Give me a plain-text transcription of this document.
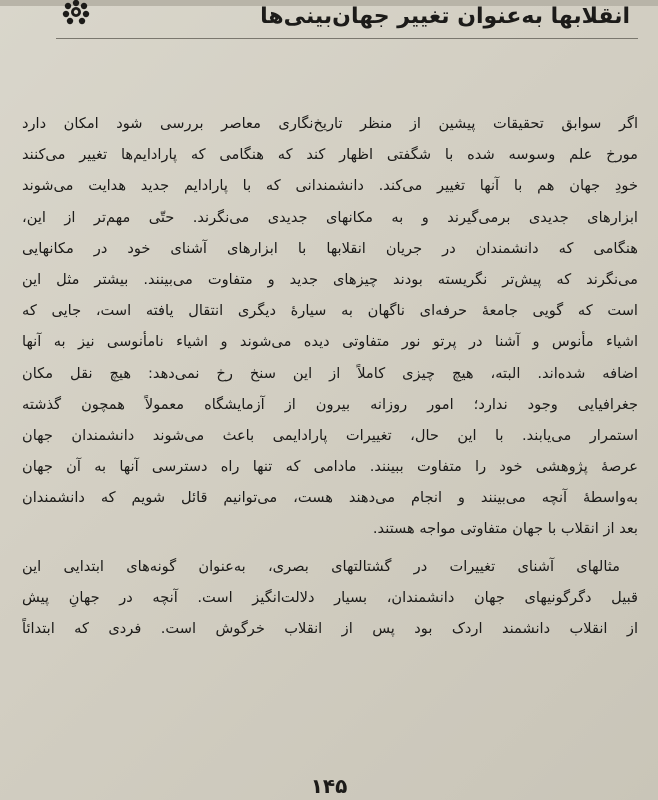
انقلابها به‌عنوان تغییر جهان‌بینی‌ها
اگر سوابق تحقیقات پیشین از منظر تاریخ‌نگاری معاصر بررسی شود امکان دارد
مورخ علم وسوسه شده با شگفتی اظهار کند که هنگامی که پارادایم‌ها تغییر می‌کنند
خودِ جهان هم با آنها تغییر می‌کند. دانشمندانی که با پارادایم جدید هدایت می‌شوند
ابزارهای جدیدی برمی‌گیرند و به مکانهای جدیدی می‌نگرند. حتّی مهم‌تر از این،
هنگامی که دانشمندان در جریان انقلابها با ابزارهای آشنای خود در مکانهایی
می‌نگرند که پیش‌تر نگریسته بودند چیزهای جدید و متفاوت می‌بینند. بیشتر مثل این
است که گویی جامعهٔ حرفه‌ای ناگهان به سیارهٔ دیگری انتقال یافته است، جایی که
اشیاء مأنوس و آشنا در پرتو نور متفاوتی دیده می‌شوند و اشیاء نامأنوسی نیز به آنها
اضافه شده‌اند. البته، هیچ چیزی کاملاً از این سنخ رخ نمی‌دهد: هیچ نقل مکان
جغرافیایی وجود ندارد؛ امور روزانه بیرون از آزمایشگاه معمولاً همچون گذشته
استمرار می‌یابند. با این حال، تغییرات پارادایمی باعث می‌شوند دانشمندان جهان
عرصهٔ پژوهشی خود را متفاوت ببینند. مادامی که تنها راه دسترسی آنها به آن جهان
به‌واسطهٔ آنچه می‌بینند و انجام می‌دهند هست، می‌توانیم قائل شویم که دانشمندان
بعد از انقلاب با جهان متفاوتی مواجه هستند.
مثالهای آشنای تغییرات در گشتالتهای بصری، به‌عنوان گونه‌های ابتدایی این
قبیل دگرگونیهای جهان دانشمندان، بسیار دلالت‌انگیز است. آنچه در جهانِ پیش
از انقلاب دانشمند اردک بود پس از انقلاب خرگوش است. فردی که ابتدائاً
۱۴۵
